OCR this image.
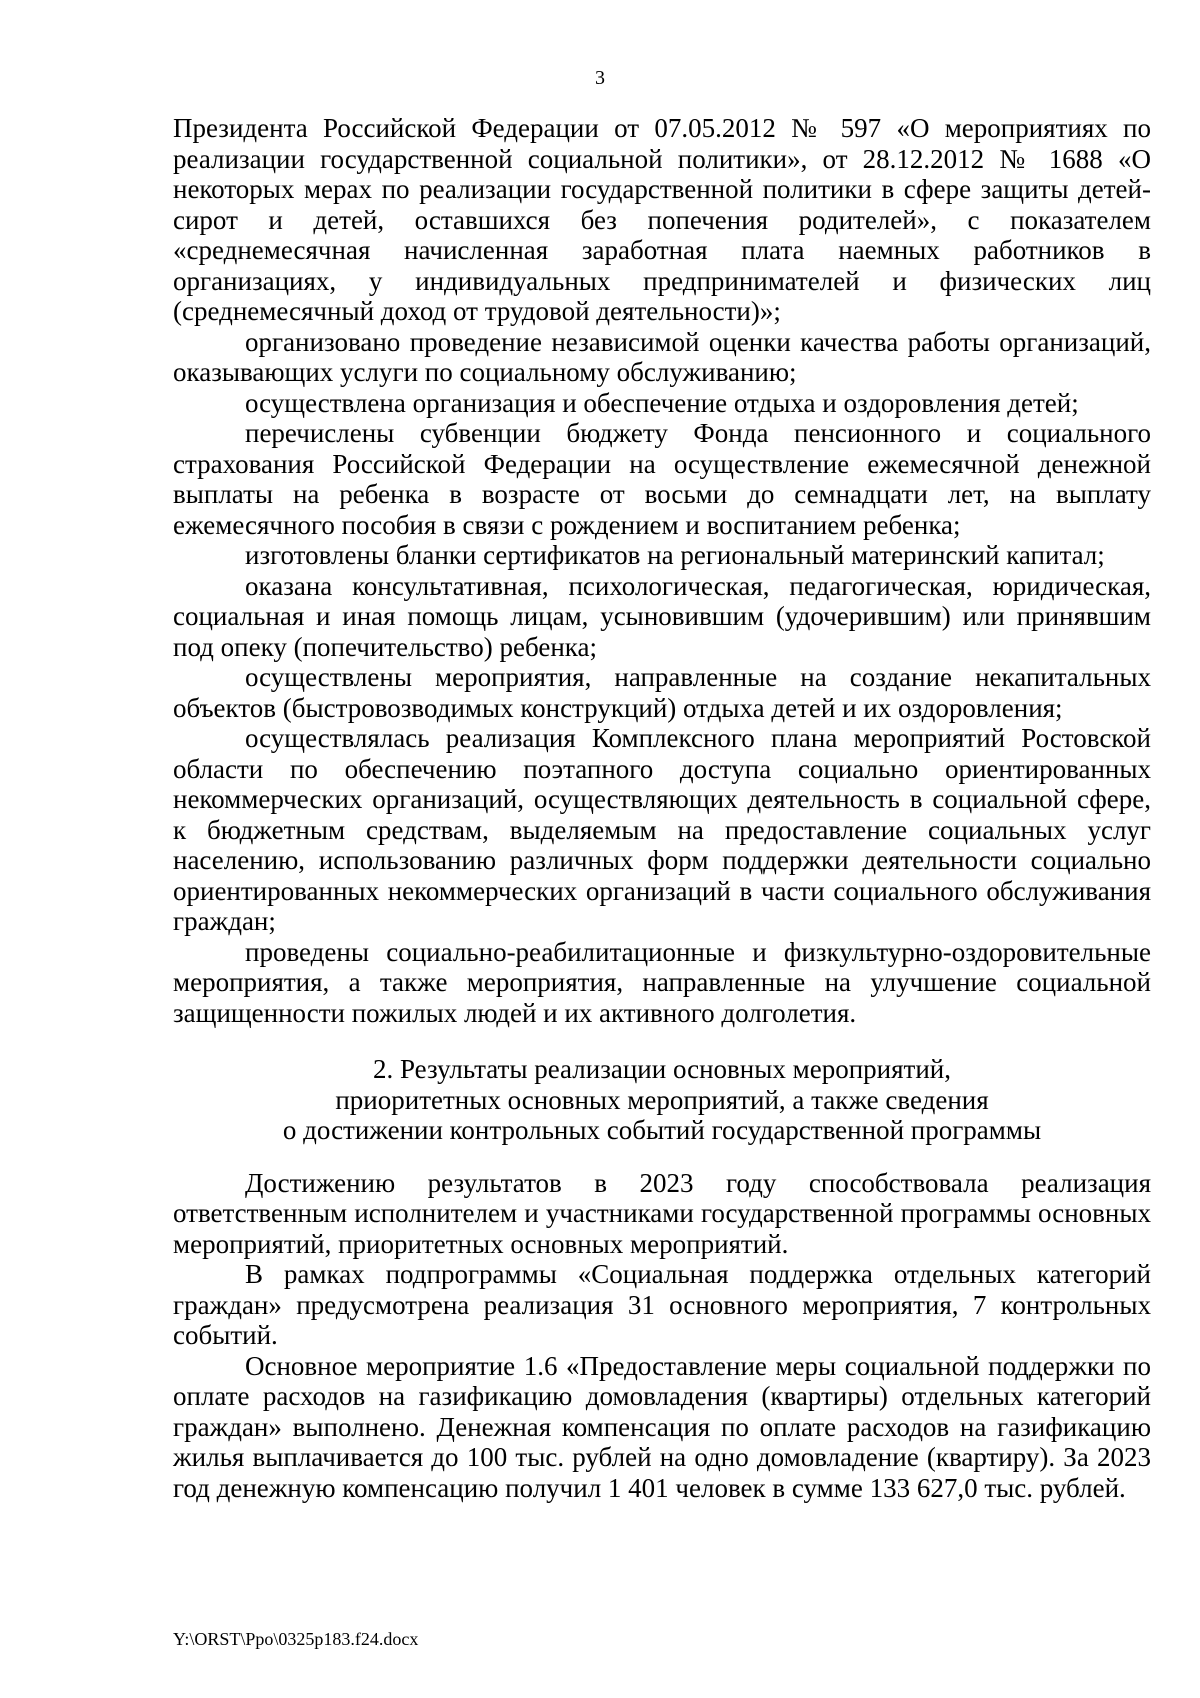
3

Президента Российской Федерации от 07.05.2012 № 597 «О мероприятиях по реализации государственной социальной политики», от 28.12.2012 № 1688 «О некоторых мерах по реализации государственной политики в сфере защиты детей-сирот и детей, оставшихся без попечения родителей», с показателем «среднемесячная начисленная заработная плата наемных работников в организациях, у индивидуальных предпринимателей и физических лиц (среднемесячный доход от трудовой деятельности)»;

организовано проведение независимой оценки качества работы организаций, оказывающих услуги по социальному обслуживанию;

осуществлена организация и обеспечение отдыха и оздоровления детей;

перечислены субвенции бюджету Фонда пенсионного и социального страхования Российской Федерации на осуществление ежемесячной денежной выплаты на ребенка в возрасте от восьми до семнадцати лет, на выплату ежемесячного пособия в связи с рождением и воспитанием ребенка;

изготовлены бланки сертификатов на региональный материнский капитал;

оказана консультативная, психологическая, педагогическая, юридическая, социальная и иная помощь лицам, усыновившим (удочерившим) или принявшим под опеку (попечительство) ребенка;

осуществлены мероприятия, направленные на создание некапитальных объектов (быстровозводимых конструкций) отдыха детей и их оздоровления;

осуществлялась реализация Комплексного плана мероприятий Ростовской области по обеспечению поэтапного доступа социально ориентированных некоммерческих организаций, осуществляющих деятельность в социальной сфере, к бюджетным средствам, выделяемым на предоставление социальных услуг населению, использованию различных форм поддержки деятельности социально ориентированных некоммерческих организаций в части социального обслуживания граждан;

проведены социально-реабилитационные и физкультурно-оздоровительные мероприятия, а также мероприятия, направленные на улучшение социальной защищенности пожилых людей и их активного долголетия.

2. Результаты реализации основных мероприятий,
приоритетных основных мероприятий, а также сведения
о достижении контрольных событий государственной программы

Достижению результатов в 2023 году способствовала реализация ответственным исполнителем и участниками государственной программы основных мероприятий, приоритетных основных мероприятий.

В рамках подпрограммы «Социальная поддержка отдельных категорий граждан» предусмотрена реализация 31 основного мероприятия, 7 контрольных событий.

Основное мероприятие 1.6 «Предоставление меры социальной поддержки по оплате расходов на газификацию домовладения (квартиры) отдельных категорий граждан» выполнено. Денежная компенсация по оплате расходов на газификацию жилья выплачивается до 100 тыс. рублей на одно домовладение (квартиру). За 2023 год денежную компенсацию получил 1 401 человек в сумме 133 627,0 тыс. рублей.

Y:\ORST\Ppo\0325p183.f24.docx
